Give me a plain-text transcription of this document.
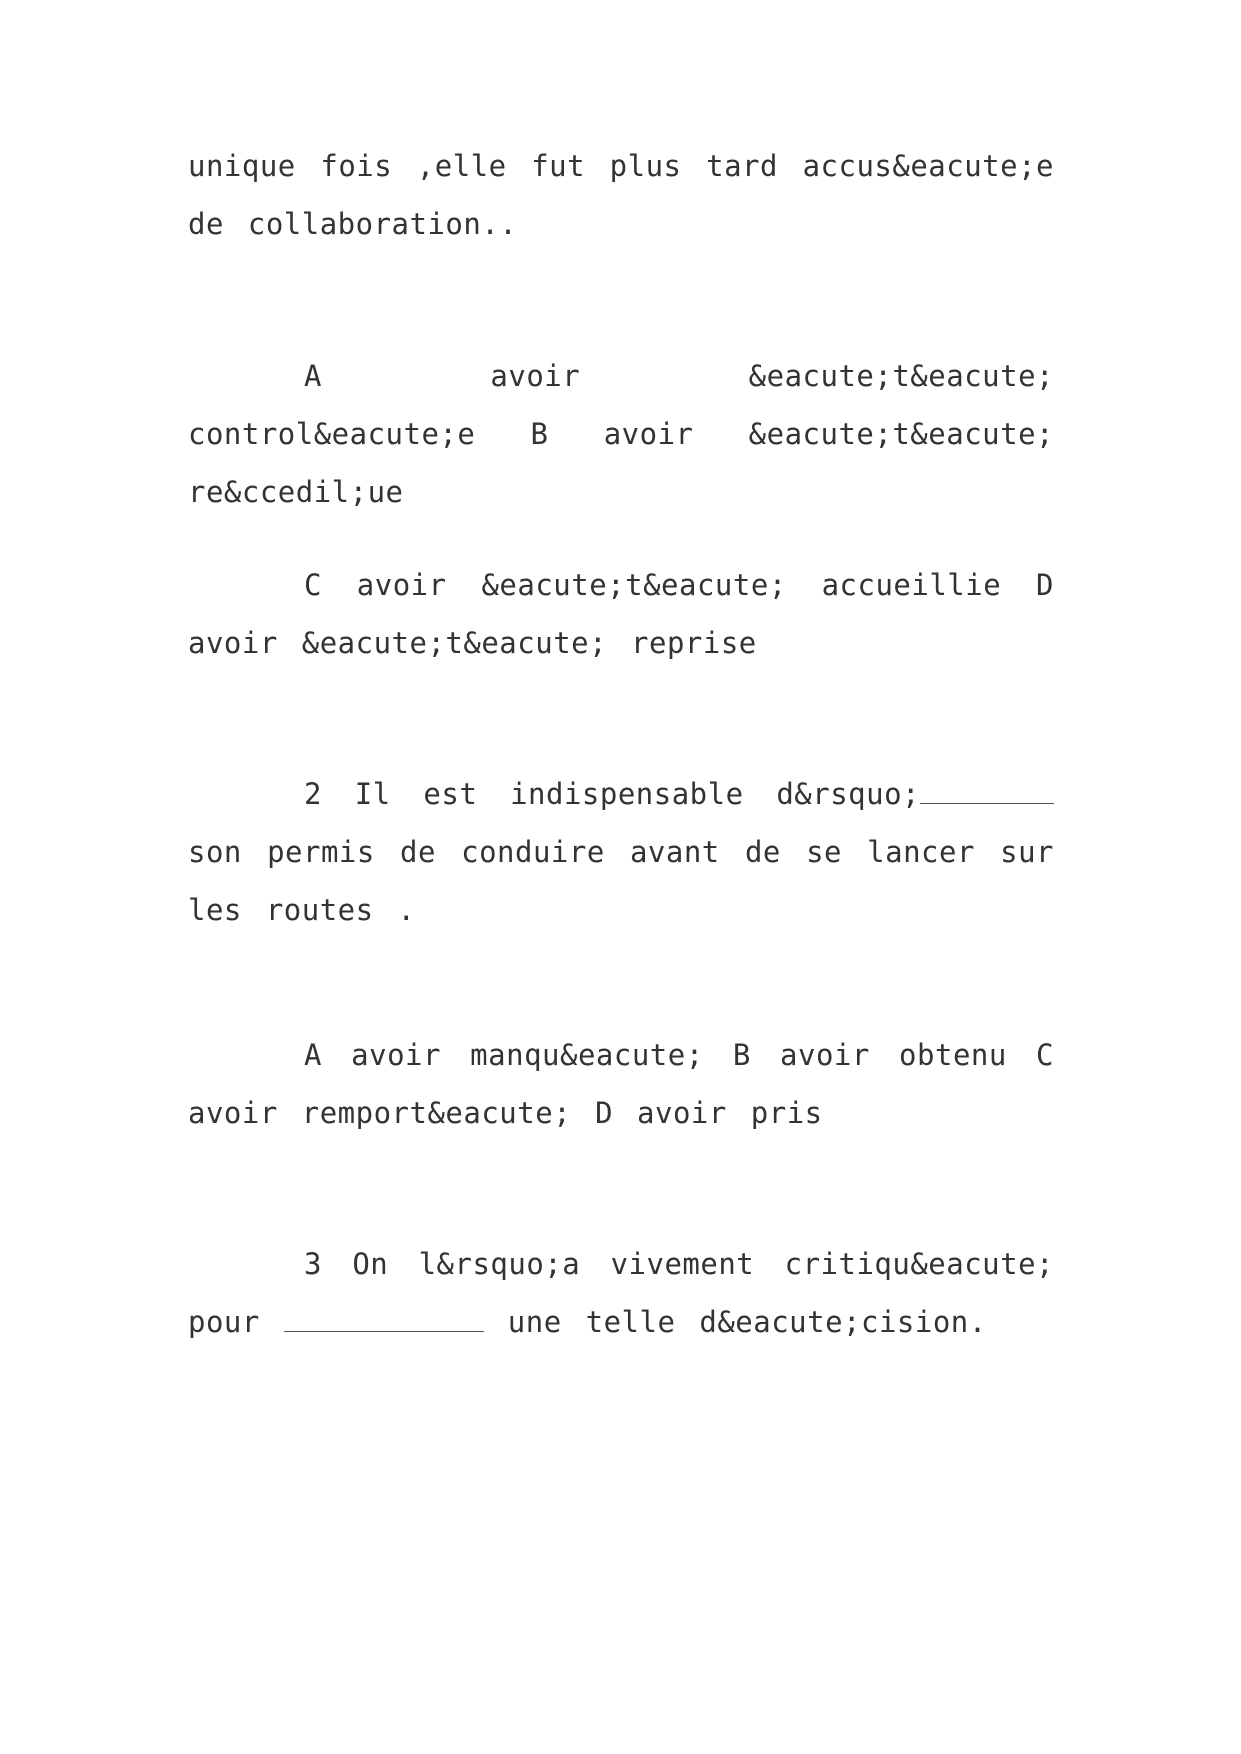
unique fois ,elle fut plus tard accus&eacute;e de collaboration..

A avoir &eacute;t&eacute; control&eacute;e B avoir &eacute;t&eacute; re&ccedil;ue

C avoir &eacute;t&eacute; accueillie D avoir &eacute;t&eacute; reprise

2 Il est indispensable d&rsquo; son permis de conduire avant de se lancer sur les routes .

A avoir manqu&eacute; B avoir obtenu C avoir remport&eacute; D avoir pris

3 On l&rsquo;a vivement critiqu&eacute; pour	une telle d&eacute;cision.
